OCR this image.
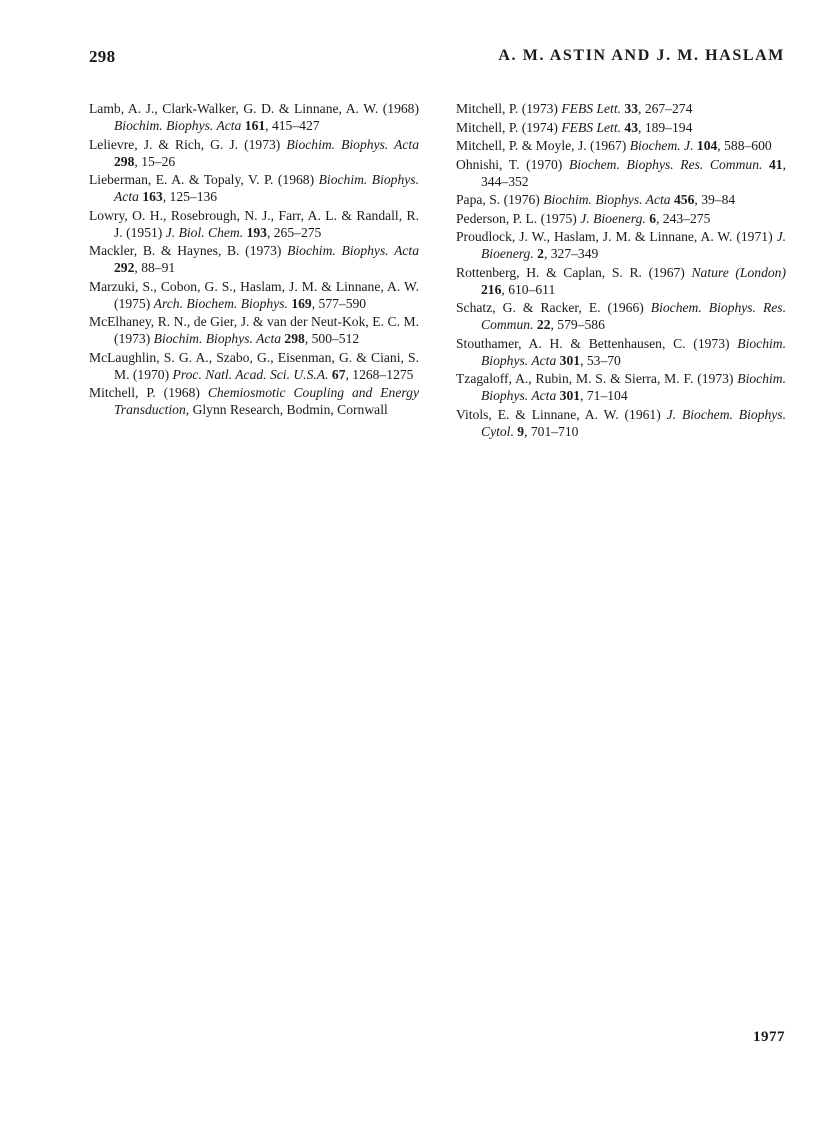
298	A. M. ASTIN AND J. M. HASLAM

Lamb, A. J., Clark-Walker, G. D. & Linnane, A. W. (1968) Biochim. Biophys. Acta 161, 415–427

Lelievre, J. & Rich, G. J. (1973) Biochim. Biophys. Acta 298, 15–26

Lieberman, E. A. & Topaly, V. P. (1968) Biochim. Biophys. Acta 163, 125–136

Lowry, O. H., Rosebrough, N. J., Farr, A. L. & Randall, R. J. (1951) J. Biol. Chem. 193, 265–275

Mackler, B. & Haynes, B. (1973) Biochim. Biophys. Acta 292, 88–91

Marzuki, S., Cobon, G. S., Haslam, J. M. & Linnane, A. W. (1975) Arch. Biochem. Biophys. 169, 577–590

McElhaney, R. N., de Gier, J. & van der Neut-Kok, E. C. M. (1973) Biochim. Biophys. Acta 298, 500–512

McLaughlin, S. G. A., Szabo, G., Eisenman, G. & Ciani, S. M. (1970) Proc. Natl. Acad. Sci. U.S.A. 67, 1268–1275

Mitchell, P. (1968) Chemiosmotic Coupling and Energy Transduction, Glynn Research, Bodmin, Cornwall

Mitchell, P. (1973) FEBS Lett. 33, 267–274

Mitchell, P. (1974) FEBS Lett. 43, 189–194

Mitchell, P. & Moyle, J. (1967) Biochem. J. 104, 588–600

Ohnishi, T. (1970) Biochem. Biophys. Res. Commun. 41, 344–352

Papa, S. (1976) Biochim. Biophys. Acta 456, 39–84

Pederson, P. L. (1975) J. Bioenerg. 6, 243–275

Proudlock, J. W., Haslam, J. M. & Linnane, A. W. (1971) J. Bioenerg. 2, 327–349

Rottenberg, H. & Caplan, S. R. (1967) Nature (London) 216, 610–611

Schatz, G. & Racker, E. (1966) Biochem. Biophys. Res. Commun. 22, 579–586

Stouthamer, A. H. & Bettenhausen, C. (1973) Biochim. Biophys. Acta 301, 53–70

Tzagaloff, A., Rubin, M. S. & Sierra, M. F. (1973) Biochim. Biophys. Acta 301, 71–104

Vitols, E. & Linnane, A. W. (1961) J. Biochem. Biophys. Cytol. 9, 701–710

1977
